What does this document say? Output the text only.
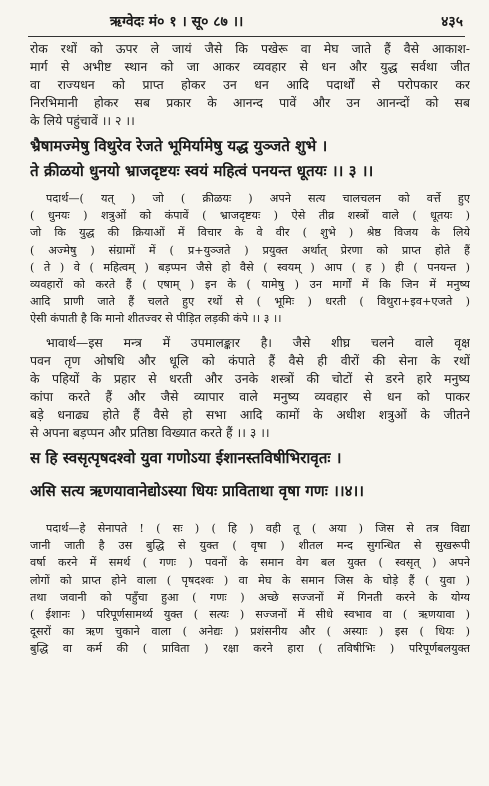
ऋग्वेदः मं० १ । सू० ८७ ।।	४३५
रोक रथों को ऊपर ले जायं जैसे कि पखेरू वा मेघ जाते हैं वैसे आकाश-
मार्ग से अभीष्ट स्थान को जा आकर व्यवहार से धन और युद्ध सर्वथा जीत
वा राज्यधन को प्राप्त होकर उन धन आदि पदार्थों से परोपकार कर
निरभिमानी होकर सब प्रकार के आनन्द पावें और उन आनन्दों को सब
के लिये पहुंचावें ।। २ ।।
भ्रैषामज्मेषु विथुरेव रेजते भूमिर्यामेषु यद्ध युञ्जते शुभे ।
ते क्रीळयो धुनयो भ्राजदृष्टयः स्वयं महित्वं पनयन्त धूतयः ।। ३ ।।
पदार्थ—( यत् ) जो ( क्रीळयः ) अपने सत्य चालचलन को वर्त्ते हुए
( धुनयः ) शत्रुओं को कंपावें ( भ्राजदृष्टयः ) ऐसे तीव्र शस्त्रों वाले ( धूतयः )
जो कि युद्ध की क्रियाओं में विचार के वे वीर ( शुभे ) श्रेष्ठ विजय के लिये
( अज्मेषु ) संग्रामों में ( प्र+युञ्जते ) प्रयुक्त अर्थात् प्रेरणा को प्राप्त होते हैं
( ते ) वे ( महित्वम् ) बड़प्पन जैसे हो वैसे ( स्वयम् ) आप ( ह ) ही ( पनयन्त )
व्यवहारों को करते हैं ( एषाम् ) इन के ( यामेषु ) उन मार्गों में कि जिन में मनुष्य
आदि प्राणी जाते हैं चलते हुए रथों से ( भूमिः ) धरती ( विथुरा+इव+एजते )
ऐसी कंपाती है कि मानो शीतज्वर से पीड़ित लड़की कंपे ।। ३ ।।
भावार्थ—इस मन्त्र में उपमालङ्कार है। जैसे शीघ्र चलने वाले वृक्ष
पवन तृण ओषधि और धूलि को कंपाते हैं वैसे ही वीरों की सेना के रथों
के पहियों के प्रहार से धरती और उनके शस्त्रों की चोटों से डरने हारे मनुष्य
कांपा करते हैं और जैसे व्यापार वाले मनुष्य व्यवहार से धन को पाकर
बड़े धनाढ्य होते हैं वैसे हो सभा आदि कामों के अधीश शत्रुओं के जीतने
से अपना बड़प्पन और प्रतिष्ठा विख्यात करते हैं ।। ३ ।।
स हि स्वसृत्पृषदश्वो युवा गणोऽया ईशानस्तविषीभिरावृतः ।
असि सत्य ऋणयावानेद्योऽस्या धियः प्राविताथा वृषा गणः ।।४।।
पदार्थ—हे सेनापते ! ( सः ) ( हि ) वही तू ( अया ) जिस से तत्र विद्या
जानी जाती है उस बुद्धि से युक्त ( वृषा ) शीतल मन्द सुगन्धित से सुखरूपी
वर्षा करने में समर्थ ( गणः ) पवनों के समान वेग बल युक्त ( स्वसृत् ) अपने
लोगों को प्राप्त होने वाला ( पृषदश्वः ) वा मेघ के समान जिस के घोड़े हैं ( युवा )
तथा जवानी को पहुँचा हुआ ( गणः ) अच्छे सज्जनों में गिनती करने के योग्य
( ईशानः ) परिपूर्णसामर्थ्य युक्त ( सत्यः ) सज्जनों में सीधे स्वभाव वा ( ऋणयावा )
दूसरों का ऋण चुकाने वाला ( अनेद्यः ) प्रशंसनीय और ( अस्याः ) इस ( धियः )
बुद्धि वा कर्म की ( प्राविता ) रक्षा करने हारा ( तविषीभिः ) परिपूर्णबलयुक्त
